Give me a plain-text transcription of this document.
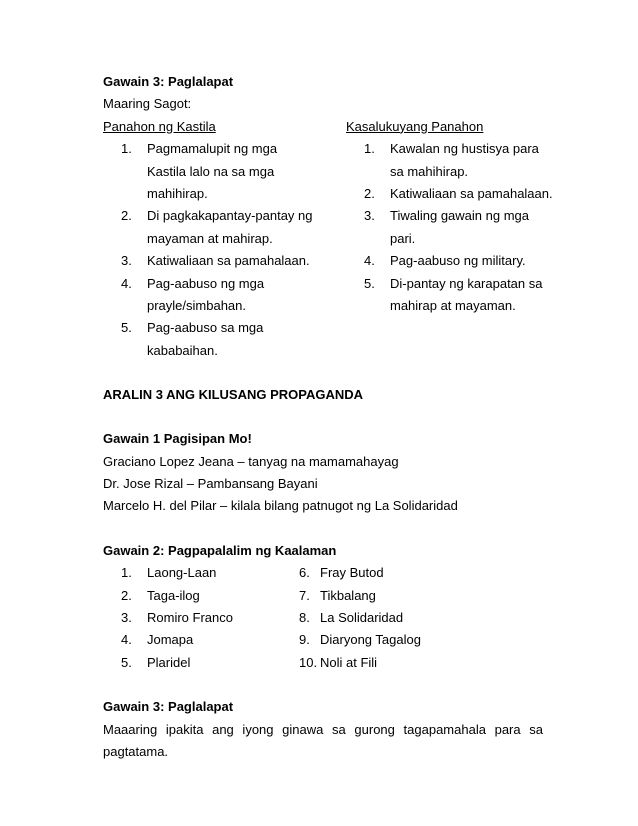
Gawain 3: Paglalapat
Maaring Sagot:
Panahon ng Kastila
1. Pagmamalupit ng mga
Kastila lalo na sa mga
mahihirap.
2. Di pagkakapantay-pantay ng
mayaman at mahirap.
3. Katiwaliaan sa pamahalaan.
4. Pag-aabuso ng mga
prayle/simbahan.
5. Pag-aabuso sa mga
kababaihan.
Kasalukuyang Panahon
1. Kawalan ng hustisya para
sa mahihirap.
2. Katiwaliaan sa pamahalaan.
3. Tiwaling gawain ng mga
pari.
4. Pag-aabuso ng military.
5. Di-pantay ng karapatan sa
mahirap at mayaman.
ARALIN 3 ANG KILUSANG PROPAGANDA
Gawain 1 Pagisipan Mo!
Graciano Lopez Jeana – tanyag na mamamahayag
Dr. Jose Rizal – Pambansang Bayani
Marcelo H. del Pilar – kilala bilang patnugot ng La Solidaridad
Gawain 2: Pagpapalalim ng Kaalaman
1. Laong-Laan
2. Taga-ilog
3. Romiro Franco
4. Jomapa
5. Plaridel
6. Fray Butod
7. Tikbalang
8. La Solidaridad
9. Diaryong Tagalog
10. Noli at Fili
Gawain 3: Paglalapat
Maaaring ipakita ang iyong ginawa sa gurong tagapamahala para sa
pagtatama.
